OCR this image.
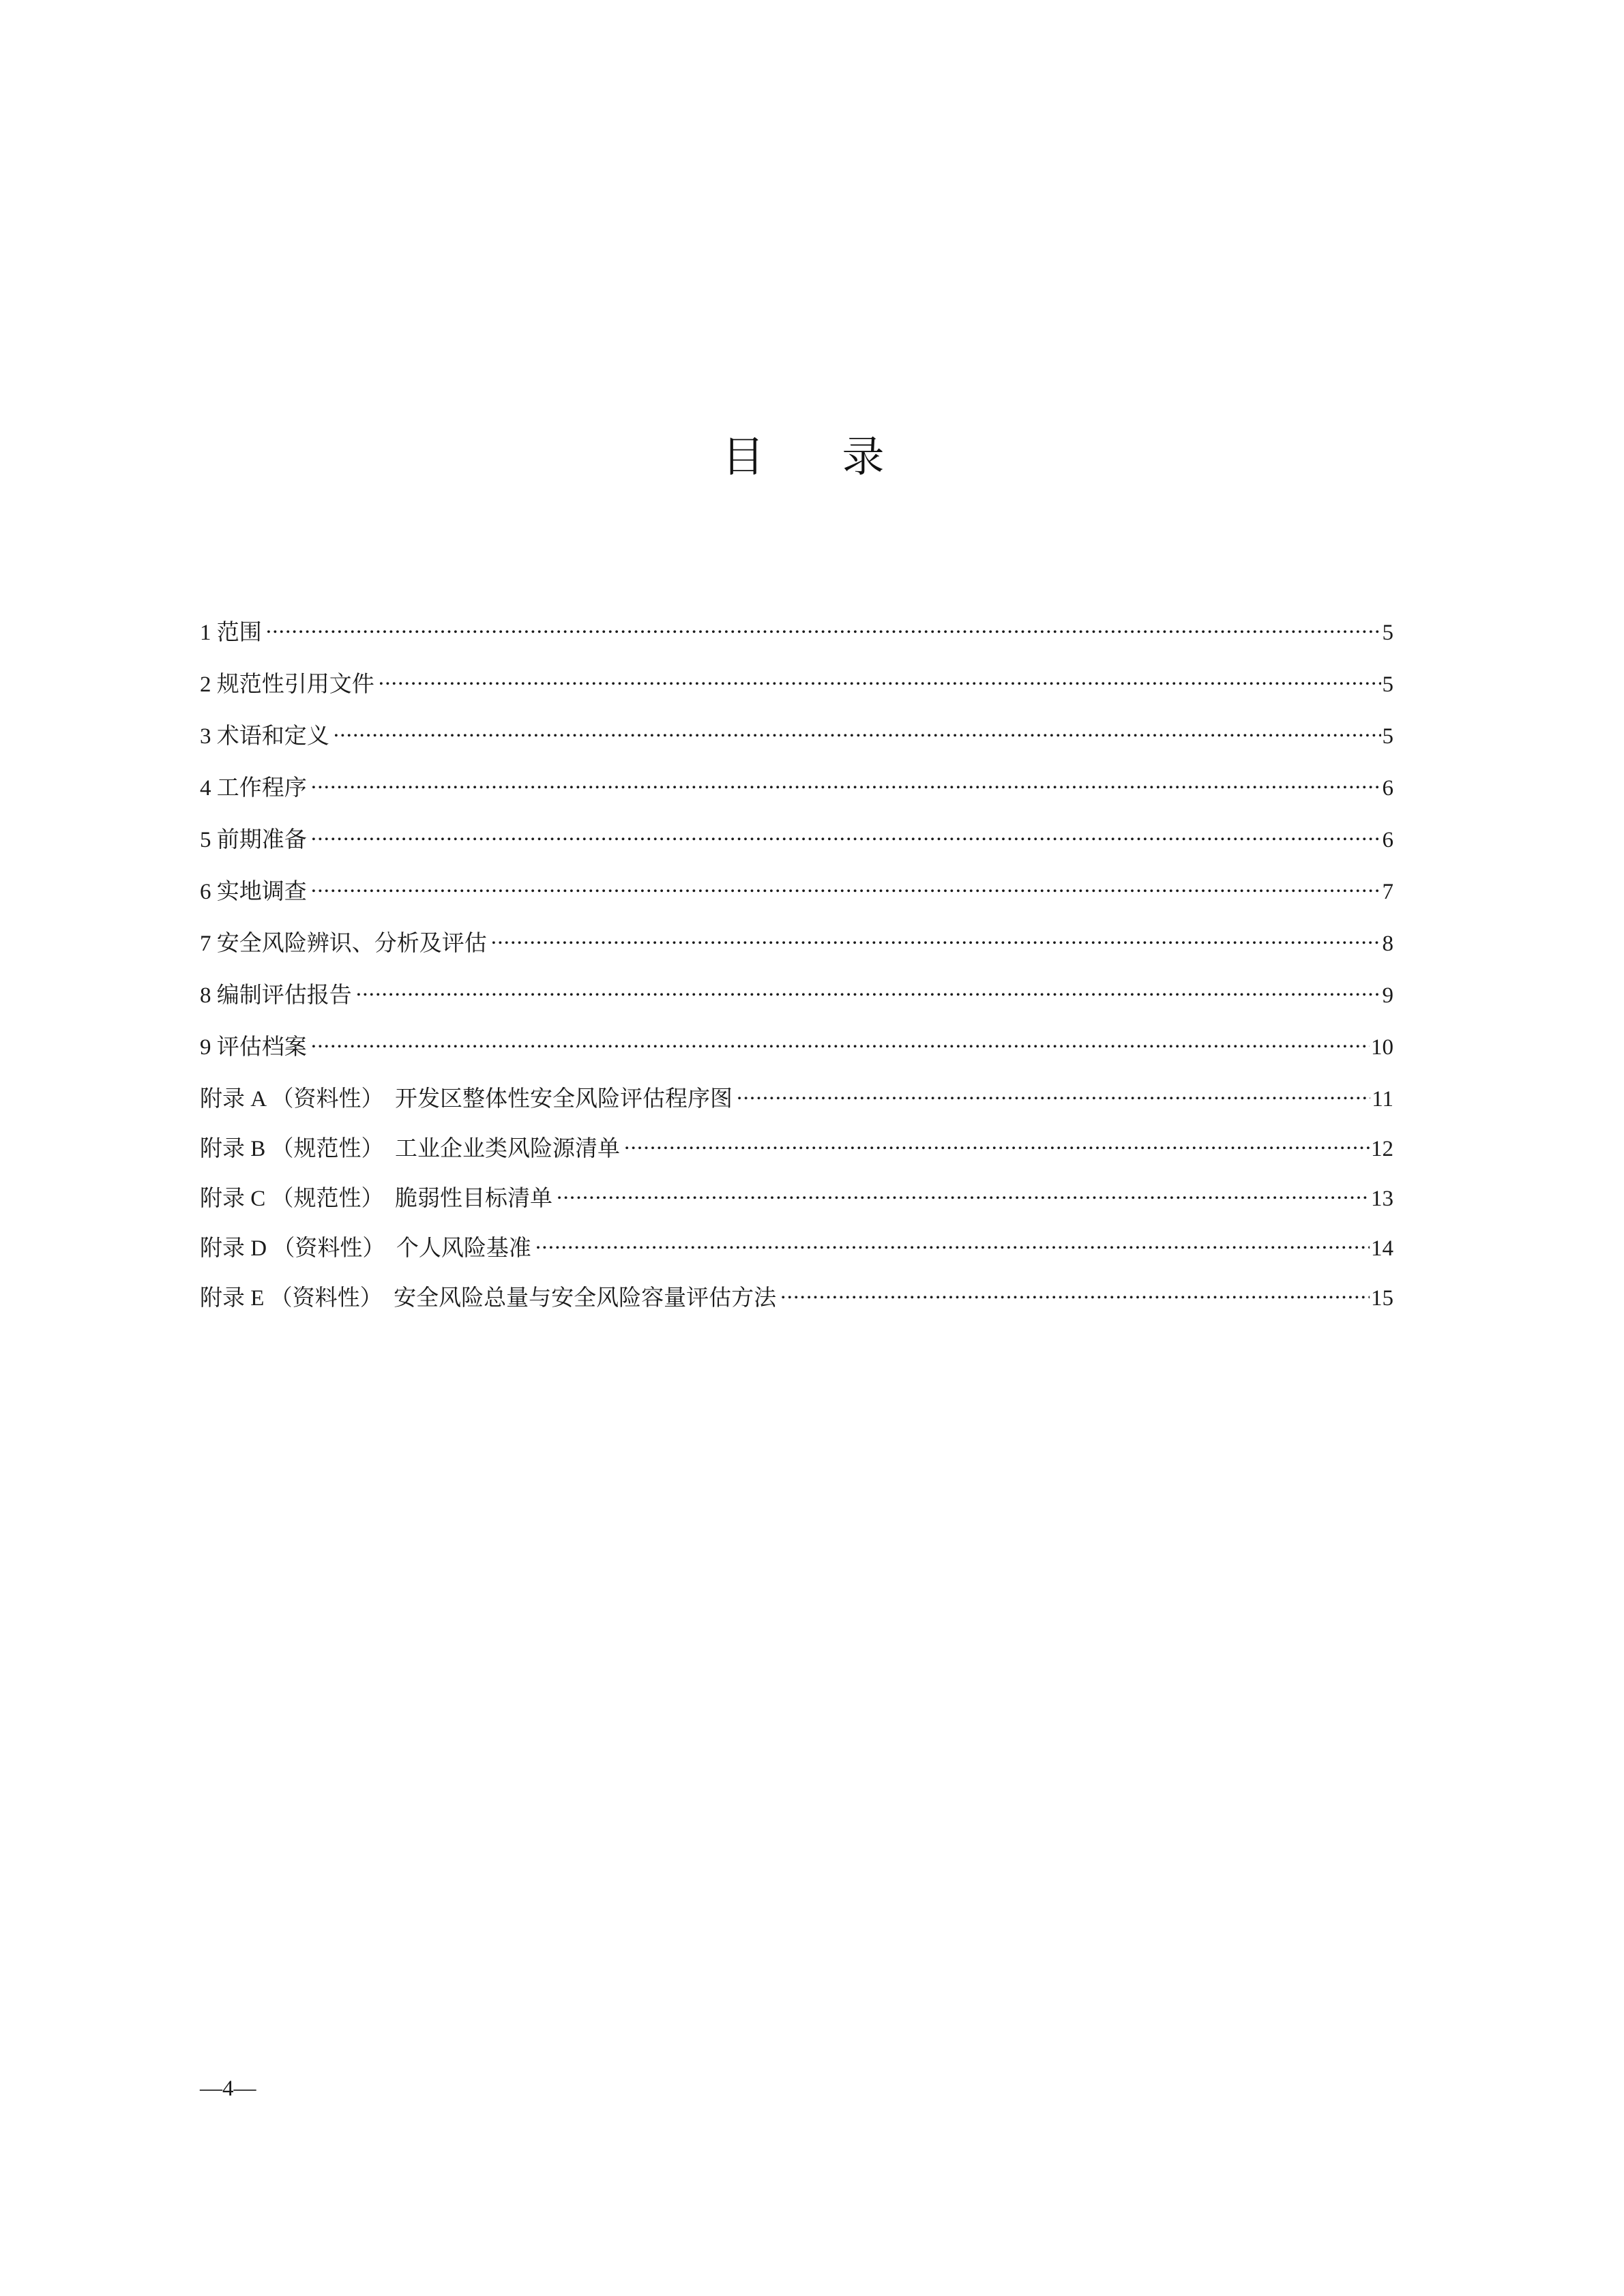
目　录
1 范围 .....	5
2 规范性引用文件 .....	5
3 术语和定义 .....	5
4 工作程序 .....	6
5 前期准备 .....	6
6 实地调查 .....	7
7 安全风险辨识、分析及评估 .....	8
8 编制评估报告 .....	9
9 评估档案 .....	10
附录 A （资料性）　开发区整体性安全风险评估程序图 .....	11
附录 B （规范性）　工业企业类风险源清单 .....	12
附录 C （规范性）　脆弱性目标清单 .....	13
附录 D （资料性）　个人风险基准 .....	14
附录 E （资料性）　安全风险总量与安全风险容量评估方法 .....	15
—4—
